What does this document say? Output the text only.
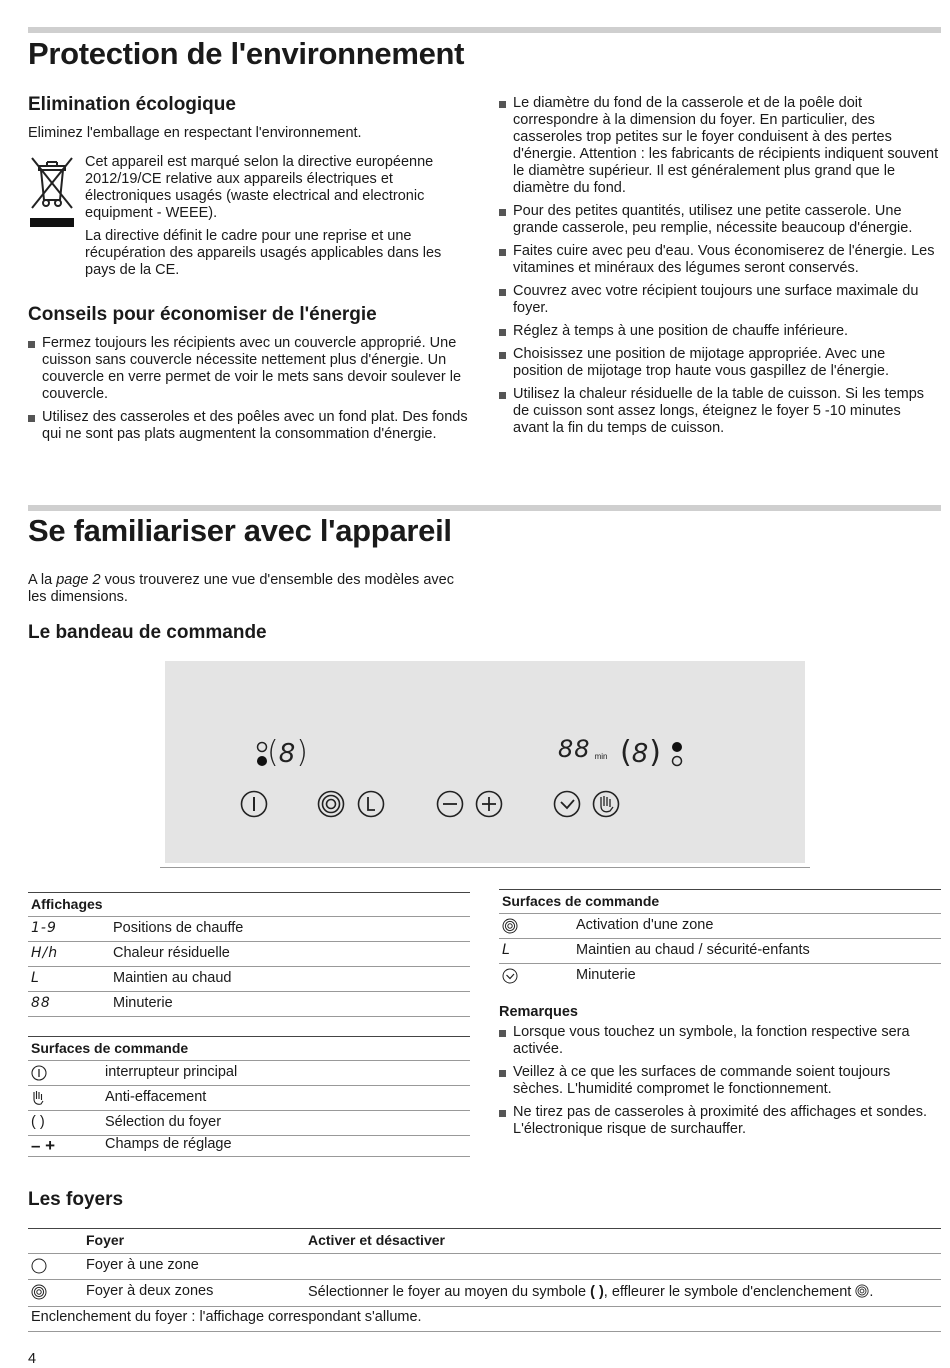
Protection de l'environnement
Elimination écologique

Eliminez l'emballage en respectant l'environnement.

Cet appareil est marqué selon la directive européenne 2012/19/CE relative aux appareils électriques et électroniques usagés (waste electrical and electronic equipment - WEEE).

La directive définit le cadre pour une reprise et une récupération des appareils usagés applicables dans les pays de la CE.

Conseils pour économiser de l'énergie
Fermez toujours les récipients avec un couvercle approprié. Une cuisson sans couvercle nécessite nettement plus d'énergie. Un couvercle en verre permet de voir le mets sans devoir soulever le couvercle.
Utilisez des casseroles et des poêles avec un fond plat. Des fonds qui ne sont pas plats augmentent la consommation d'énergie.
Le diamètre du fond de la casserole et de la poêle doit correspondre à la dimension du foyer. En particulier, des casseroles trop petites sur le foyer conduisent à des pertes d'énergie. Attention : les fabricants de récipients indiquent souvent le diamètre supérieur. Il est généralement plus grand que le diamètre du fond.
Pour des petites quantités, utilisez une petite casserole. Une grande casserole, peu remplie, nécessite beaucoup d'énergie.
Faites cuire avec peu d'eau. Vous économiserez de l'énergie. Les vitamines et minéraux des légumes seront conservés.
Couvrez avec votre récipient toujours une surface maximale du foyer.
Réglez à temps à une position de chauffe inférieure.
Choisissez une position de mijotage appropriée. Avec une position de mijotage trop haute vous gaspillez de l'énergie.
Utilisez la chaleur résiduelle de la table de cuisson. Si les temps de cuisson sont assez longs, éteignez le foyer 5 -10 minutes avant la fin du temps de cuisson.
Se familiariser avec l'appareil

A la page 2 vous trouverez une vue d'ensemble des modèles avec les dimensions.

Le bandeau de commande
(8)	88 min (8)
Affichages
1-9	Positions de chauffe
H/h	Chaleur résiduelle
L	Maintien au chaud
88	Minuterie
Surfaces de commande
interrupteur principal
Anti-effacement
( )	Sélection du foyer
– +	Champs de réglage
Surfaces de commande
Activation d'une zone
L	Maintien au chaud / sécurité-enfants
Minuterie

Remarques

Lorsque vous touchez un symbole, la fonction respective sera activée.
Veillez à ce que les surfaces de commande soient toujours sèches. L'humidité compromet le fonctionnement.
Ne tirez pas de casseroles à proximité des affichages et sondes. L'électronique risque de surchauffer.
Les foyers
Foyer	Activer et désactiver
Foyer à une zone
Foyer à deux zones	Sélectionner le foyer au moyen du symbole ( ), effleurer le symbole d'enclenchement .
Enclenchement du foyer : l'affichage correspondant s'allume.
4
